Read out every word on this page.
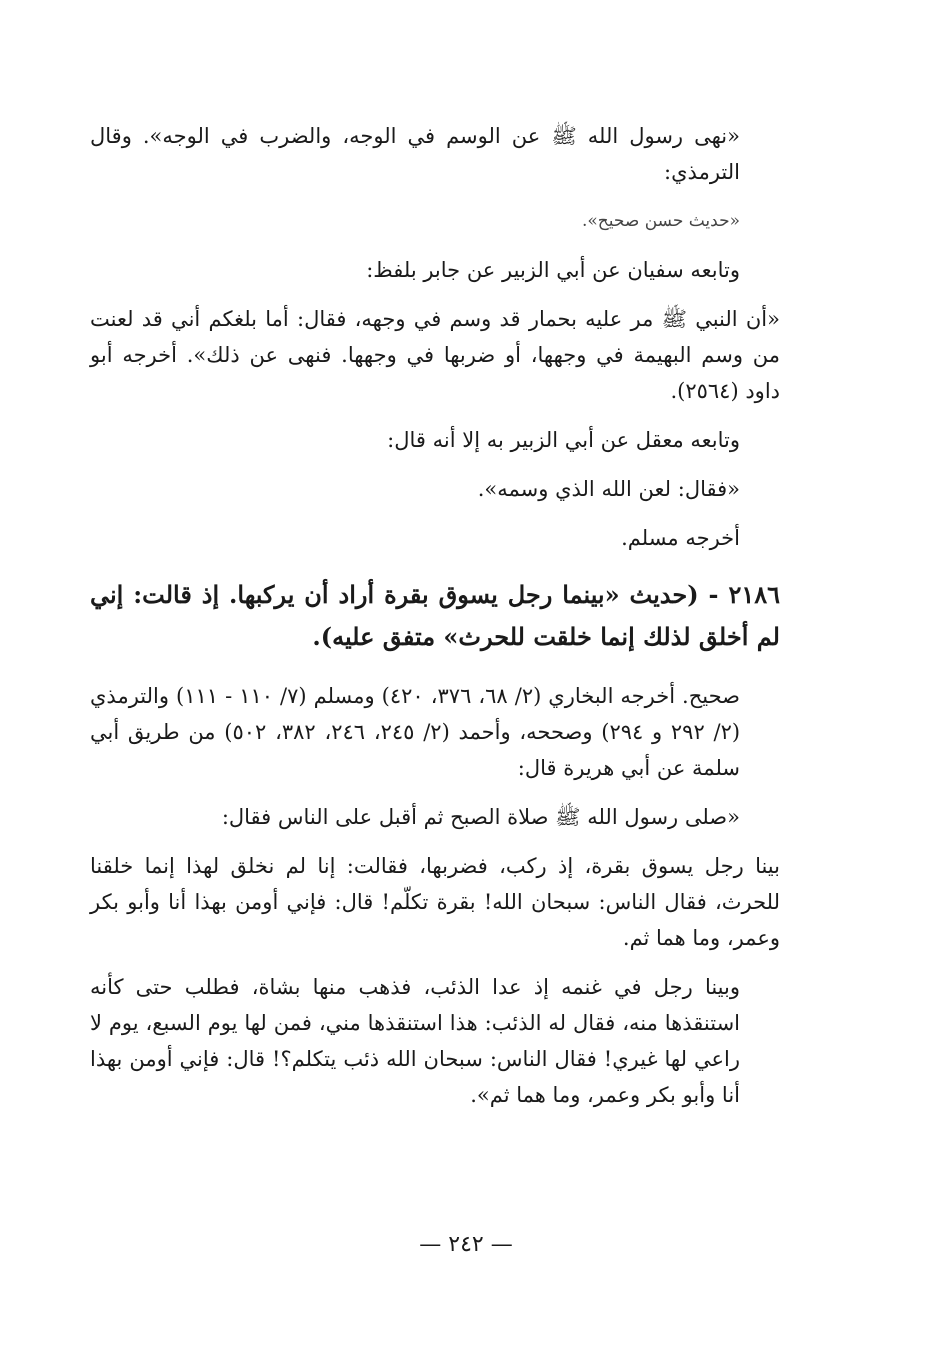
«نهى رسول الله ﷺ عن الوسم في الوجه، والضرب في الوجه». وقال الترمذي:

«حديث حسن صحيح».

وتابعه سفيان عن أبي الزبير عن جابر بلفظ:

«أن النبي ﷺ مر عليه بحمار قد وسم في وجهه، فقال: أما بلغكم أني قد لعنت من وسم البهيمة في وجهها، أو ضربها في وجهها. فنهى عن ذلك». أخرجه أبو داود (٢٥٦٤).

وتابعه معقل عن أبي الزبير به إلا أنه قال:

«فقال: لعن الله الذي وسمه».

أخرجه مسلم.

٢١٨٦ - (حديث «بينما رجل يسوق بقرة أراد أن يركبها. إذ قالت: إني لم أخلق لذلك إنما خلقت للحرث» متفق عليه).

صحيح. أخرجه البخاري (٢/ ٦٨، ٣٧٦، ٤٢٠) ومسلم (٧/ ١١٠ - ١١١) والترمذي (٢/ ٢٩٢ و ٢٩٤) وصححه، وأحمد (٢/ ٢٤٥، ٢٤٦، ٣٨٢، ٥٠٢) من طريق أبي سلمة عن أبي هريرة قال:

«صلى رسول الله ﷺ صلاة الصبح ثم أقبل على الناس فقال:

بينا رجل يسوق بقرة، إذ ركب، فضربها، فقالت: إنا لم نخلق لهذا إنما خلقنا للحرث، فقال الناس: سبحان الله! بقرة تكلّم! قال: فإني أومن بهذا أنا وأبو بكر وعمر، وما هما ثم.

وبينا رجل في غنمه إذ عدا الذئب، فذهب منها بشاة، فطلب حتى كأنه استنقذها منه، فقال له الذئب: هذا استنقذها مني، فمن لها يوم السبع، يوم لا راعي لها غيري! فقال الناس: سبحان الله ذئب يتكلم؟! قال: فإني أومن بهذا أنا وأبو بكر وعمر، وما هما ثم».

— ٢٤٢ —
